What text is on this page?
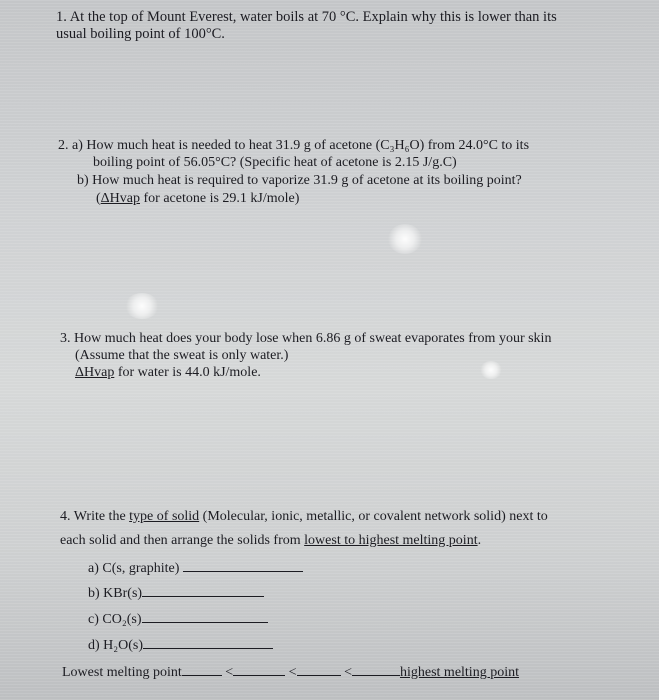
1. At the top of Mount Everest, water boils at 70 °C. Explain why this is lower than its
usual boiling point of 100°C.
2. a) How much heat is needed to heat 31.9 g of acetone (C₃H₆O) from 24.0°C to its
boiling point of 56.05°C? (Specific heat of acetone is 2.15 J/g.C)
b) How much heat is required to vaporize 31.9 g of acetone at its boiling point?
(ΔHvap for acetone is 29.1 kJ/mole)
3. How much heat does your body lose when 6.86 g of sweat evaporates from your skin
(Assume that the sweat is only water.)
ΔHvap for water is 44.0 kJ/mole.
4. Write the type of solid (Molecular, ionic, metallic, or covalent network solid) next to
each solid and then arrange the solids from lowest to highest melting point.
a) C(s, graphite)
b) KBr(s)
c) CO₂(s)
d) H₂O(s)
Lowest melting point	<	<	<	highest melting point
